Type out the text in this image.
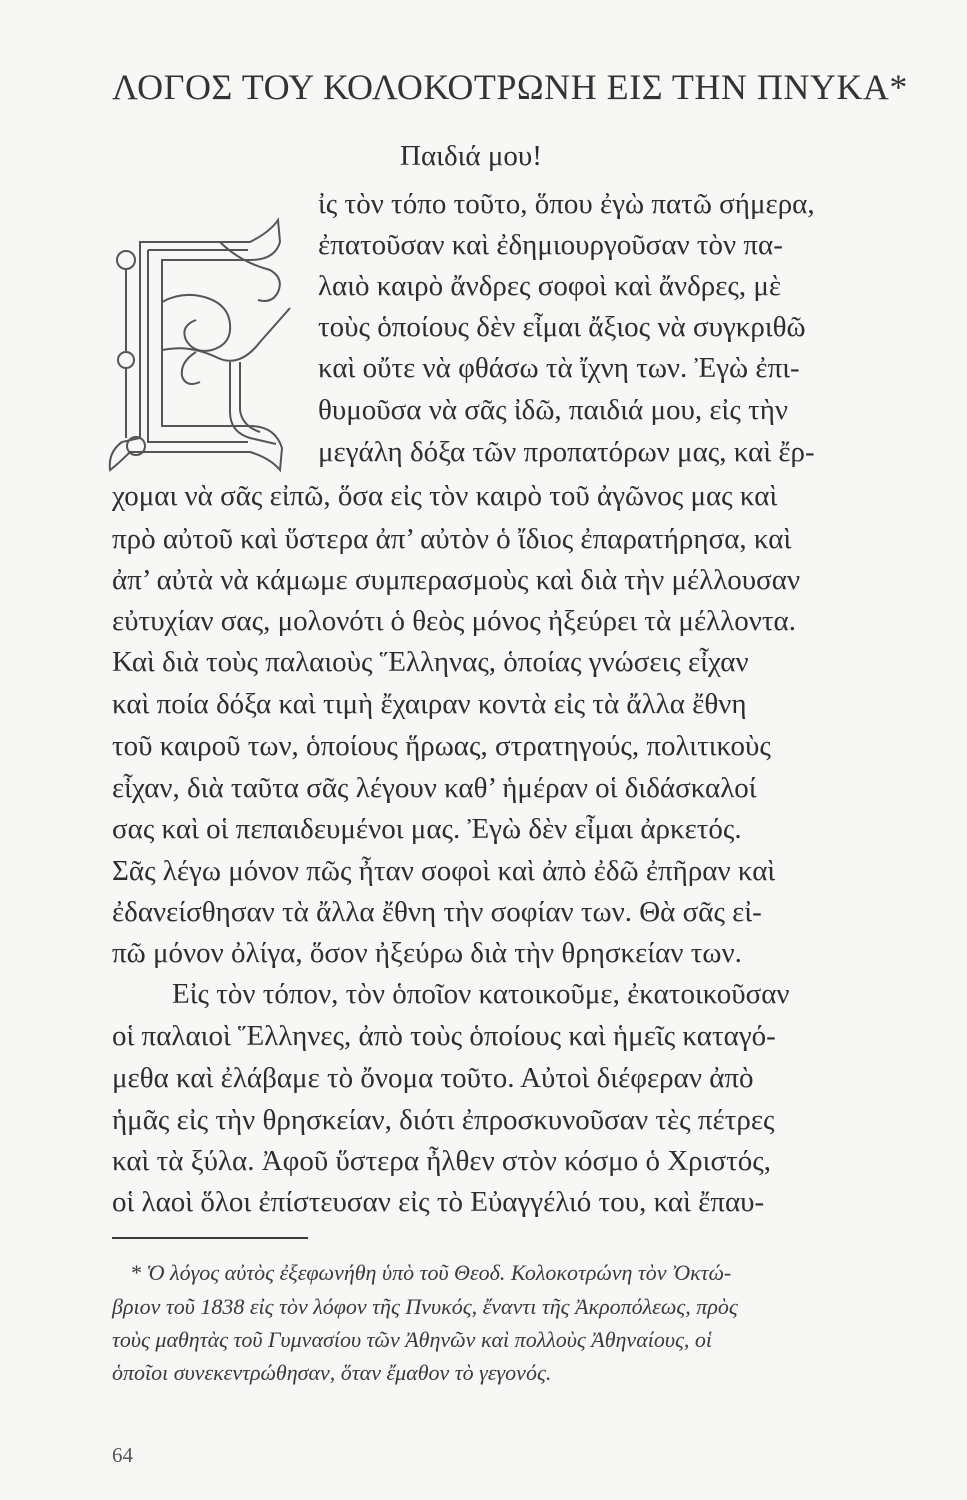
ΛΟΓΟΣ ΤΟΥ ΚΟΛΟΚΟΤΡΩΝΗ ΕΙΣ ΤΗΝ ΠΝΥΚΑ*
Παιδιά μου!
ἰς τὸν τόπο τοῦτο, ὅπου ἐγὼ πατῶ σήμερα,
ἐπατοῦσαν καὶ ἐδημιουργοῦσαν τὸν πα-
λαιὸ καιρὸ ἄνδρες σοφοὶ καὶ ἄνδρες, μὲ
τοὺς ὁποίους δὲν εἶμαι ἄξιος νὰ συγκριθῶ
καὶ οὔτε νὰ φθάσω τὰ ἴχνη των. Ἐγὼ ἐπι-
θυμοῦσα νὰ σᾶς ἰδῶ, παιδιά μου, εἰς τὴν
μεγάλη δόξα τῶν προπατόρων μας, καὶ ἔρ-
χομαι νὰ σᾶς εἰπῶ, ὅσα εἰς τὸν καιρὸ τοῦ ἀγῶνος μας καὶ
πρὸ αὐτοῦ καὶ ὕστερα ἀπ’ αὐτὸν ὁ ἴδιος ἐπαρατήρησα, καὶ
ἀπ’ αὐτὰ νὰ κάμωμε συμπερασμοὺς καὶ διὰ τὴν μέλλουσαν
εὐτυχίαν σας, μολονότι ὁ θεὸς μόνος ἠξεύρει τὰ μέλλοντα.
Καὶ διὰ τοὺς παλαιοὺς Ἕλληνας, ὁποίας γνώσεις εἶχαν
καὶ ποία δόξα καὶ τιμὴ ἔχαιραν κοντὰ εἰς τὰ ἄλλα ἔθνη
τοῦ καιροῦ των, ὁποίους ἥρωας, στρατηγούς, πολιτικοὺς
εἶχαν, διὰ ταῦτα σᾶς λέγουν καθ’ ἡμέραν οἱ διδάσκαλοί
σας καὶ οἱ πεπαιδευμένοι μας. Ἐγὼ δὲν εἶμαι ἀρκετός.
Σᾶς λέγω μόνον πῶς ἦταν σοφοὶ καὶ ἀπὸ ἐδῶ ἐπῆραν καὶ
ἐδανείσθησαν τὰ ἄλλα ἔθνη τὴν σοφίαν των. Θὰ σᾶς εἰ-
πῶ μόνον ὀλίγα, ὅσον ἠξεύρω διὰ τὴν θρησκείαν των.
Εἰς τὸν τόπον, τὸν ὁποῖον κατοικοῦμε, ἐκατοικοῦσαν
οἱ παλαιοὶ Ἕλληνες, ἀπὸ τοὺς ὁποίους καὶ ἡμεῖς καταγό-
μεθα καὶ ἐλάβαμε τὸ ὄνομα τοῦτο. Αὐτοὶ διέφεραν ἀπὸ
ἡμᾶς εἰς τὴν θρησκείαν, διότι ἐπροσκυνοῦσαν τὲς πέτρες
καὶ τὰ ξύλα. Ἀφοῦ ὕστερα ἦλθεν στὸν κόσμο ὁ Χριστός,
οἱ λαοὶ ὅλοι ἐπίστευσαν εἰς τὸ Εὐαγγέλιό του, καὶ ἔπαυ-
* Ὁ λόγος αὐτὸς ἐξεφωνήθη ὑπὸ τοῦ Θεοδ. Κολοκοτρώνη τὸν Ὀκτώ-
βριον τοῦ 1838 εἰς τὸν λόφον τῆς Πνυκός, ἔναντι τῆς Ἀκροπόλεως, πρὸς
τοὺς μαθητὰς τοῦ Γυμνασίου τῶν Ἀθηνῶν καὶ πολλοὺς Ἀθηναίους, οἱ
ὁποῖοι συνεκεντρώθησαν, ὅταν ἔμαθον τὸ γεγονός.
64
